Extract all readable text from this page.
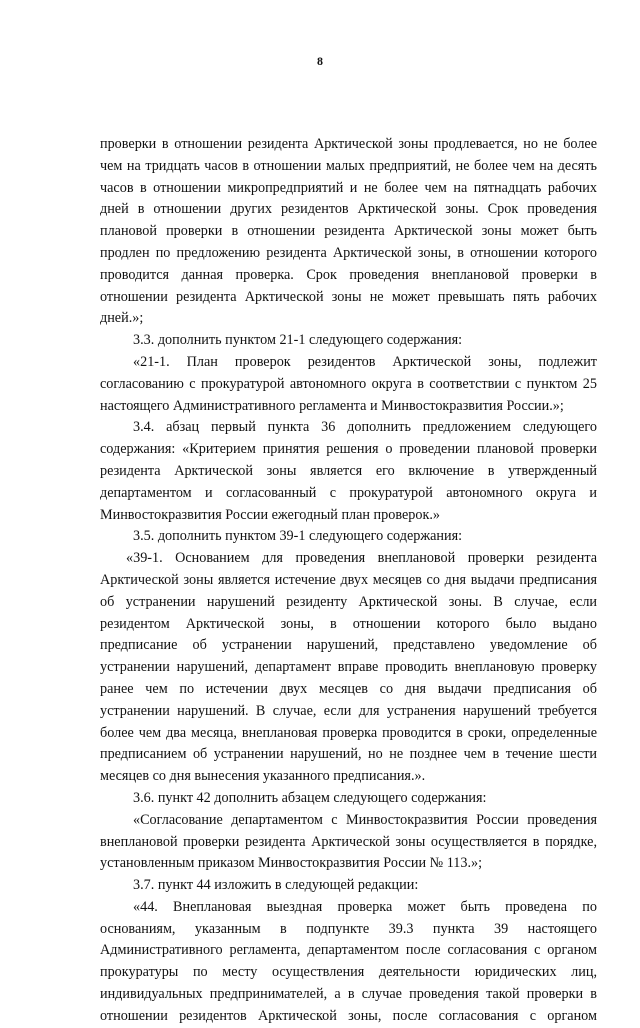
8
проверки в отношении резидента Арктической зоны продлевается, но не более
чем на тридцать часов в отношении малых предприятий, не более чем на десять
часов в отношении микропредприятий и не более чем на пятнадцать рабочих
дней в отношении других резидентов Арктической зоны. Срок проведения
плановой проверки в отношении резидента Арктической зоны может быть
продлен по предложению резидента Арктической зоны, в отношении которого
проводится данная проверка. Срок проведения внеплановой проверки в
отношении резидента Арктической зоны не может превышать пять рабочих
дней.»;
3.3. дополнить пунктом 21-1 следующего содержания:
«21-1. План проверок резидентов Арктической зоны, подлежит
согласованию с прокуратурой автономного округа в соответствии с пунктом 25
настоящего Административного регламента и Минвостокразвития России.»;
3.4. абзац первый пункта 36 дополнить предложением следующего
содержания: «Критерием принятия решения о проведении плановой проверки
резидента Арктической зоны является его включение в утвержденный
департаментом и согласованный с прокуратурой автономного округа и
Минвостокразвития России ежегодный план проверок.»
3.5. дополнить пунктом 39-1 следующего содержания:
«39-1. Основанием для проведения внеплановой проверки резидента
Арктической зоны является истечение двух месяцев со дня выдачи предписания
об устранении нарушений резиденту Арктической зоны. В случае, если
резидентом Арктической зоны, в отношении которого было выдано
предписание об устранении нарушений, представлено уведомление об
устранении нарушений, департамент вправе проводить внеплановую проверку
ранее чем по истечении двух месяцев со дня выдачи предписания об
устранении нарушений. В случае, если для устранения нарушений требуется
более чем два месяца, внеплановая проверка проводится в сроки, определенные
предписанием об устранении нарушений, но не позднее чем в течение шести
месяцев со дня вынесения указанного предписания.».
3.6. пункт 42 дополнить абзацем следующего содержания:
«Согласование департаментом с Минвостокразвития России проведения
внеплановой проверки резидента Арктической зоны осуществляется в порядке,
установленным приказом Минвостокразвития России № 113.»;
3.7. пункт 44 изложить в следующей редакции:
«44. Внеплановая выездная проверка может быть проведена по
основаниям, указанным в подпункте 39.3 пункта 39 настоящего
Административного регламента, департаментом после согласования с органом
прокуратуры по месту осуществления деятельности юридических лиц,
индивидуальных предпринимателей, а в случае проведения такой проверки в
отношении резидентов Арктической зоны, после согласования с органом
